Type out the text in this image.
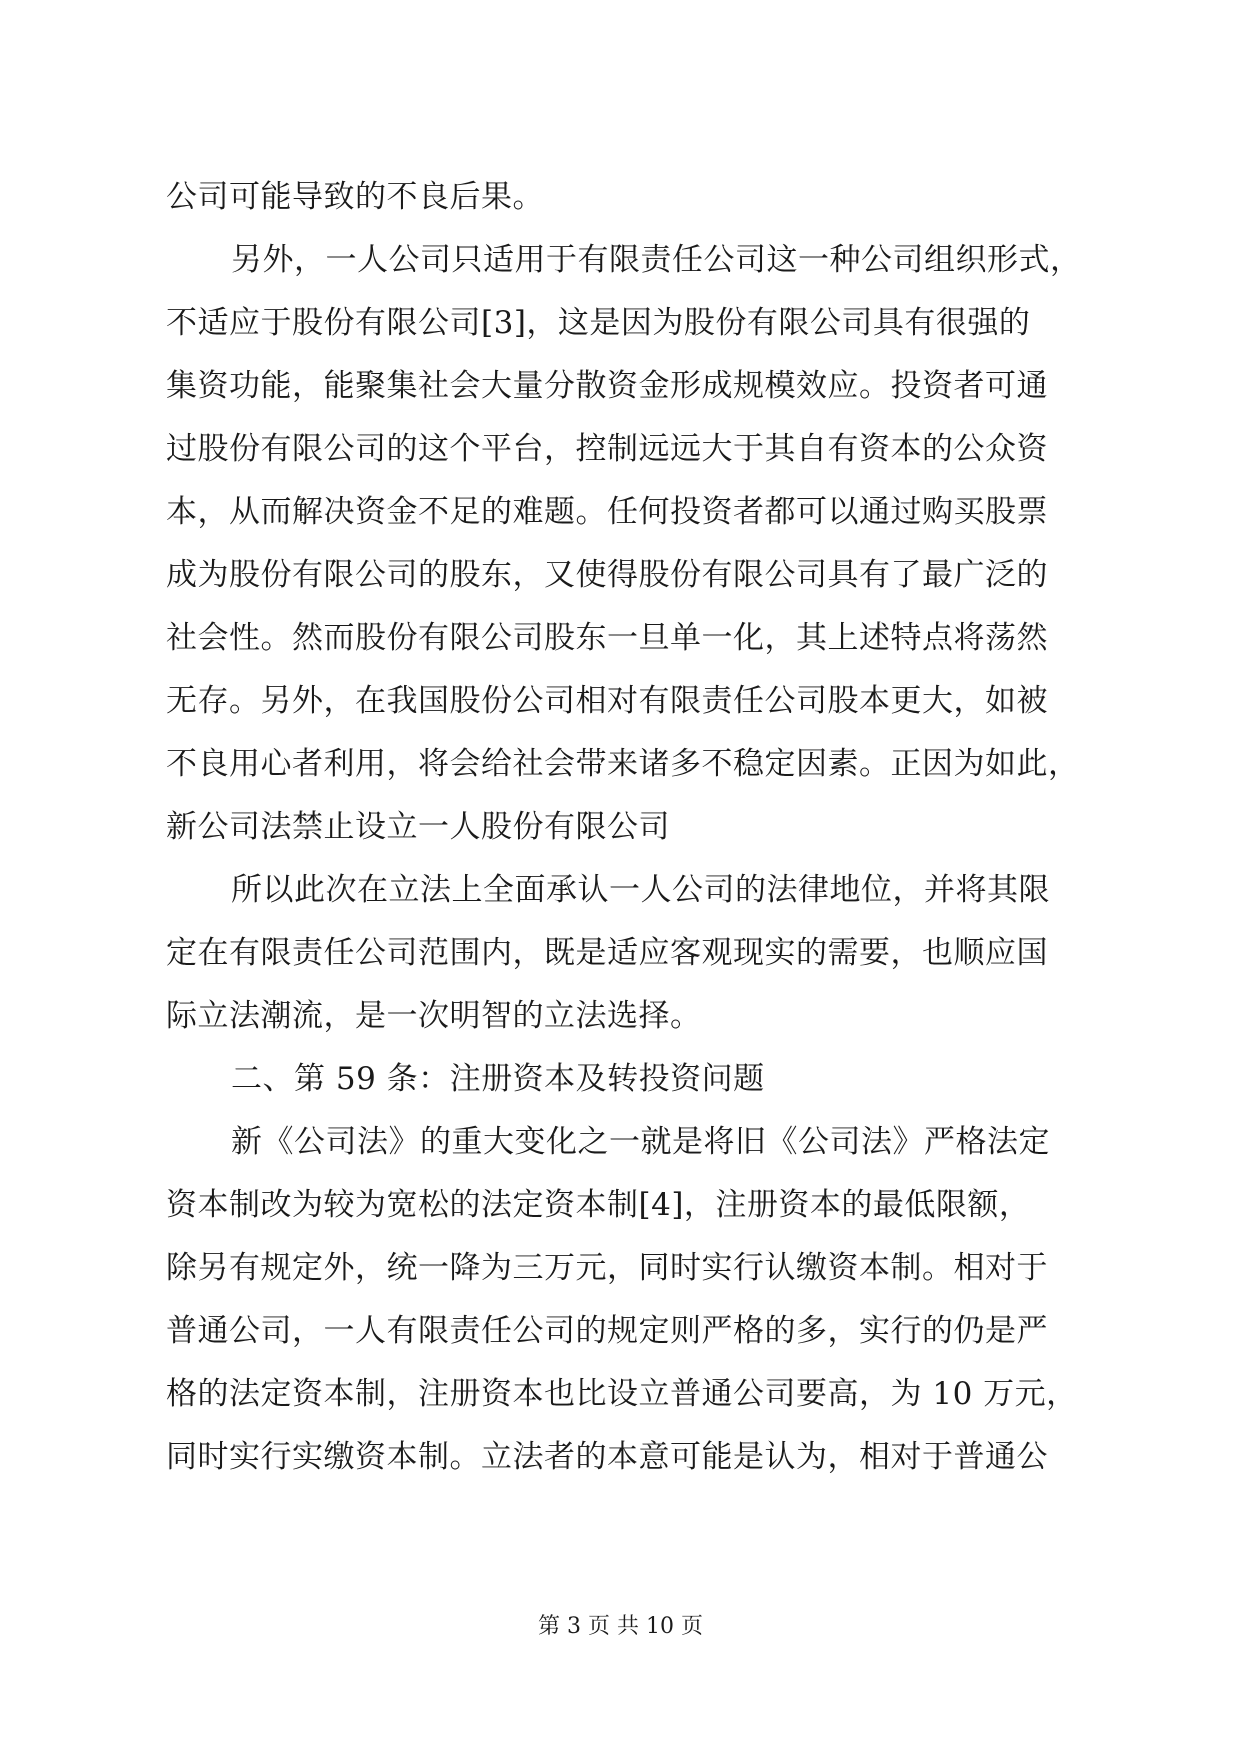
公司可能导致的不良后果。
另外，一人公司只适用于有限责任公司这一种公司组织形式，
不适应于股份有限公司[3]，这是因为股份有限公司具有很强的
集资功能，能聚集社会大量分散资金形成规模效应。投资者可通
过股份有限公司的这个平台，控制远远大于其自有资本的公众资
本，从而解决资金不足的难题。任何投资者都可以通过购买股票
成为股份有限公司的股东，又使得股份有限公司具有了最广泛的
社会性。然而股份有限公司股东一旦单一化，其上述特点将荡然
无存。另外，在我国股份公司相对有限责任公司股本更大，如被
不良用心者利用，将会给社会带来诸多不稳定因素。正因为如此，
新公司法禁止设立一人股份有限公司
所以此次在立法上全面承认一人公司的法律地位，并将其限
定在有限责任公司范围内，既是适应客观现实的需要，也顺应国
际立法潮流，是一次明智的立法选择。
二、第 59 条：注册资本及转投资问题
新《公司法》的重大变化之一就是将旧《公司法》严格法定
资本制改为较为宽松的法定资本制[4]，注册资本的最低限额，
除另有规定外，统一降为三万元，同时实行认缴资本制。相对于
普通公司，一人有限责任公司的规定则严格的多，实行的仍是严
格的法定资本制，注册资本也比设立普通公司要高，为 10 万元，
同时实行实缴资本制。立法者的本意可能是认为，相对于普通公
第 3 页 共 10 页
